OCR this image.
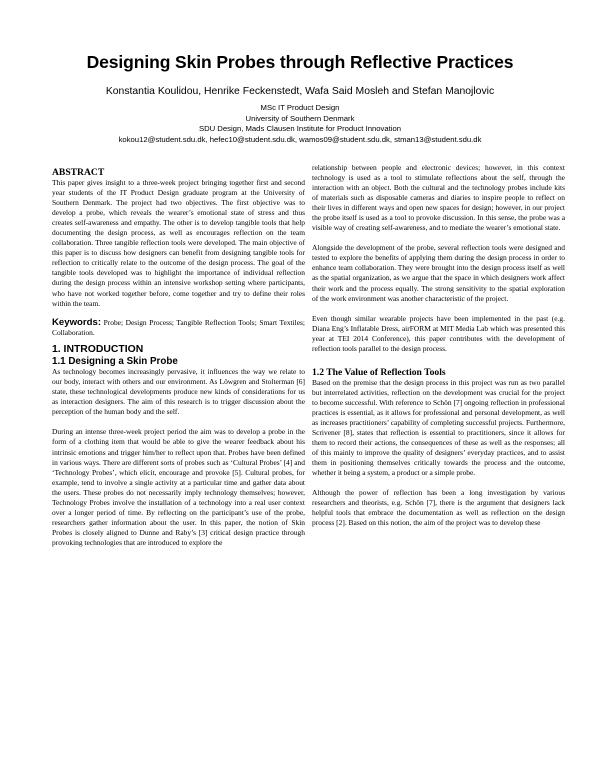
Designing Skin Probes through Reflective Practices
Konstantia Koulidou, Henrike Feckenstedt, Wafa Said Mosleh and Stefan Manojlovic
MSc IT Product Design
University of Southern Denmark
SDU Design, Mads Clausen Institute for Product Innovation
kokou12@student.sdu.dk, hefec10@student.sdu.dk, wamos09@student.sdu.dk, stman13@student.sdu.dk
ABSTRACT

This paper gives insight to a three-week project bringing together first and second year students of the IT Product Design graduate program at the University of Southern Denmark. The project had two objectives. The first objective was to develop a probe, which reveals the wearer’s emotional state of stress and thus creates self-awareness and empathy. The other is to develop tangible tools that help documenting the design process, as well as encourages reflection on the team collaboration. Three tangible reflection tools were developed. The main objective of this paper is to discuss how designers can benefit from designing tangible tools for reflection to critically relate to the outcome of the design process. The goal of the tangible tools developed was to highlight the importance of individual reflection during the design process within an intensive workshop setting where participants, who have not worked together before, come together and try to define their roles within the team.

Keywords: Probe; Design Process; Tangible Reflection Tools; Smart Textiles; Collaboration.

1. INTRODUCTION
1.1 Designing a Skin Probe

As technology becomes increasingly pervasive, it influences the way we relate to our body, interact with others and our environment. As Löwgren and Stolterman [6] state, these technological developments produce new kinds of considerations for us as interaction designers. The aim of this research is to trigger discussion about the perception of the human body and the self.

During an intense three-week project period the aim was to develop a probe in the form of a clothing item that would be able to give the wearer feedback about his intrinsic emotions and trigger him/her to reflect upon that. Probes have been defined in various ways. There are different sorts of probes such as ‘Cultural Probes’ [4] and ‘Technology Probes’, which elicit, encourage and provoke [5]. Cultural probes, for example, tend to involve a single activity at a particular time and gather data about the users. These probes do not necessarily imply technology themselves; however, Technology Probes involve the installation of a technology into a real user context over a longer period of time. By reflecting on the participant’s use of the probe, researchers gather information about the user. In this paper, the notion of Skin Probes is closely aligned to Dunne and Raby’s [3] critical design practice through provoking technologies that are introduced to explore the

relationship between people and electronic devices; however, in this context technology is used as a tool to stimulate reflections about the self, through the interaction with an object. Both the cultural and the technology probes include kits of materials such as disposable cameras and diaries to inspire people to reflect on their lives in different ways and open new spaces for design; however, in our project the probe itself is used as a tool to provoke discussion. In this sense, the probe was a visible way of creating self-awareness, and to mediate the wearer’s emotional state.

Alongside the development of the probe, several reflection tools were designed and tested to explore the benefits of applying them during the design process in order to enhance team collaboration. They were brought into the design process itself as well as the spatial organization, as we argue that the space in which designers work affect their work and the process equally. The strong sensitivity to the spatial exploration of the work environment was another characteristic of the project.

Even though similar wearable projects have been implemented in the past (e.g. Diana Eng’s Inflatable Dress, airFORM at MIT Media Lab which was presented this year at TEI 2014 Conference), this paper contributes with the development of reflection tools parallel to the design process.

1.2 The Value of Reflection Tools

Based on the premise that the design process in this project was run as two parallel but interrelated activities, reflection on the development was crucial for the project to become successful. With reference to Schön [7] ongoing reflection in professional practices is essential, as it allows for professional and personal development, as well as increases practitioners’ capability of completing successful projects. Furthermore, Scrivener [8], states that reflection is essential to practitioners, since it allows for them to record their actions, the consequences of these as well as the responses; all of this mainly to improve the quality of designers’ everyday practices, and to assist them in positioning themselves critically towards the process and the outcome, whether it being a system, a product or a simple probe.

Although the power of reflection has been a long investigation by various researchers and theorists, e.g. Schön [7], there is the argument that designers lack helpful tools that embrace the documentation as well as reflection on the design process [2]. Based on this notion, the aim of the project was to develop these
